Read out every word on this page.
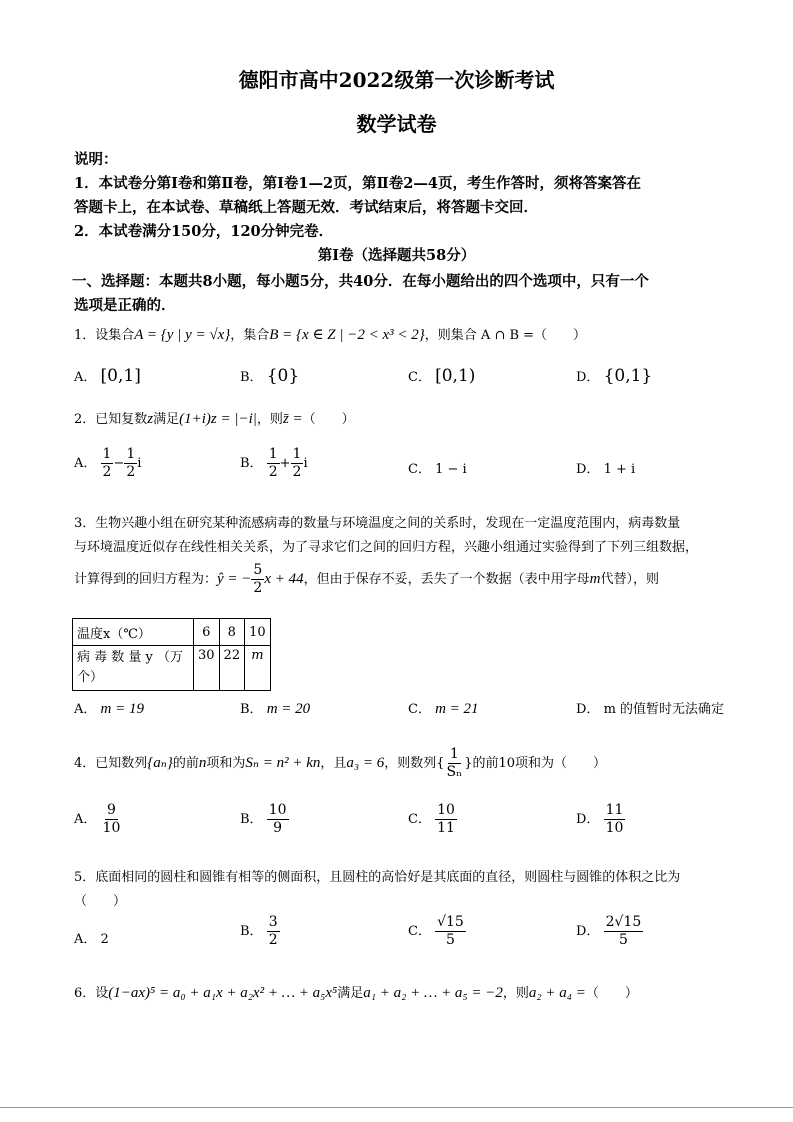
德阳市高中2022级第一次诊断考试
数学试卷
说明：
1．本试卷分第Ⅰ卷和第Ⅱ卷，第Ⅰ卷1—2页，第Ⅱ卷2—4页，考生作答时，须将答案答在
答题卡上，在本试卷、草稿纸上答题无效．考试结束后，将答题卡交回．
2．本试卷满分150分，120分钟完卷．
第Ⅰ卷（选择题共58分）
一、选择题：本题共8小题，每小题5分，共40分．在每小题给出的四个选项中，只有一个
选项是正确的．
1．设集合A = {y | y = √x}，集合B = {x ∈ Z | −2 < x³ < 2}，则集合 A ∩ B =（　　）
A． [0,1]	B． {0}	C． [0,1)	D． {0,1}
2．已知复数z满足(1+i)z = |−i|，则z̄ =（　　）
A． $\frac{1}{2} - \frac{1}{2}$ i	B． $\frac{1}{2} + \frac{1}{2}$ i	C． 1 − i	D． 1 + i
3．生物兴趣小组在研究某种流感病毒的数量与环境温度之间的关系时，发现在一定温度范围内，病毒数量
与环境温度近似存在线性相关关系，为了寻求它们之间的回归方程，兴趣小组通过实验得到了下列三组数据，
计算得到的回归方程为：ŷ = − $\frac{5}{2}$ x + 44，但由于保存不妥，丢失了一个数据（表中用字母m代替），则
温度x（℃）	6	8	10
病 毒 数 量 y （万
个）	30	22	m
A． m = 19	B． m = 20	C． m = 21	D． m 的值暂时无法确定
4．已知数列{aₙ}的前n项和为Sₙ = n² + kn，且a₃ = 6，则数列{ $\frac{1}{\text{Sₙ}}$ }的前10项和为（　　）
A． $\frac{9}{10}$	B． $\frac{10}{9}$	C． $\frac{10}{11}$	D． $\frac{11}{10}$
5．底面相同的圆柱和圆锥有相等的侧面积，且圆柱的高恰好是其底面的直径，则圆柱与圆锥的体积之比为
（　　）
A． 2
B． $\frac{3}{2}$	C． $\frac{√15}{5}$	D． $\frac{2√15}{5}$
6．设(1−ax)⁵ = a₀ + a₁x + a₂x² + … + a₅x⁵满足a₁ + a₂ + … + a₅ = −2，则a₂ + a₄ =（　　）
